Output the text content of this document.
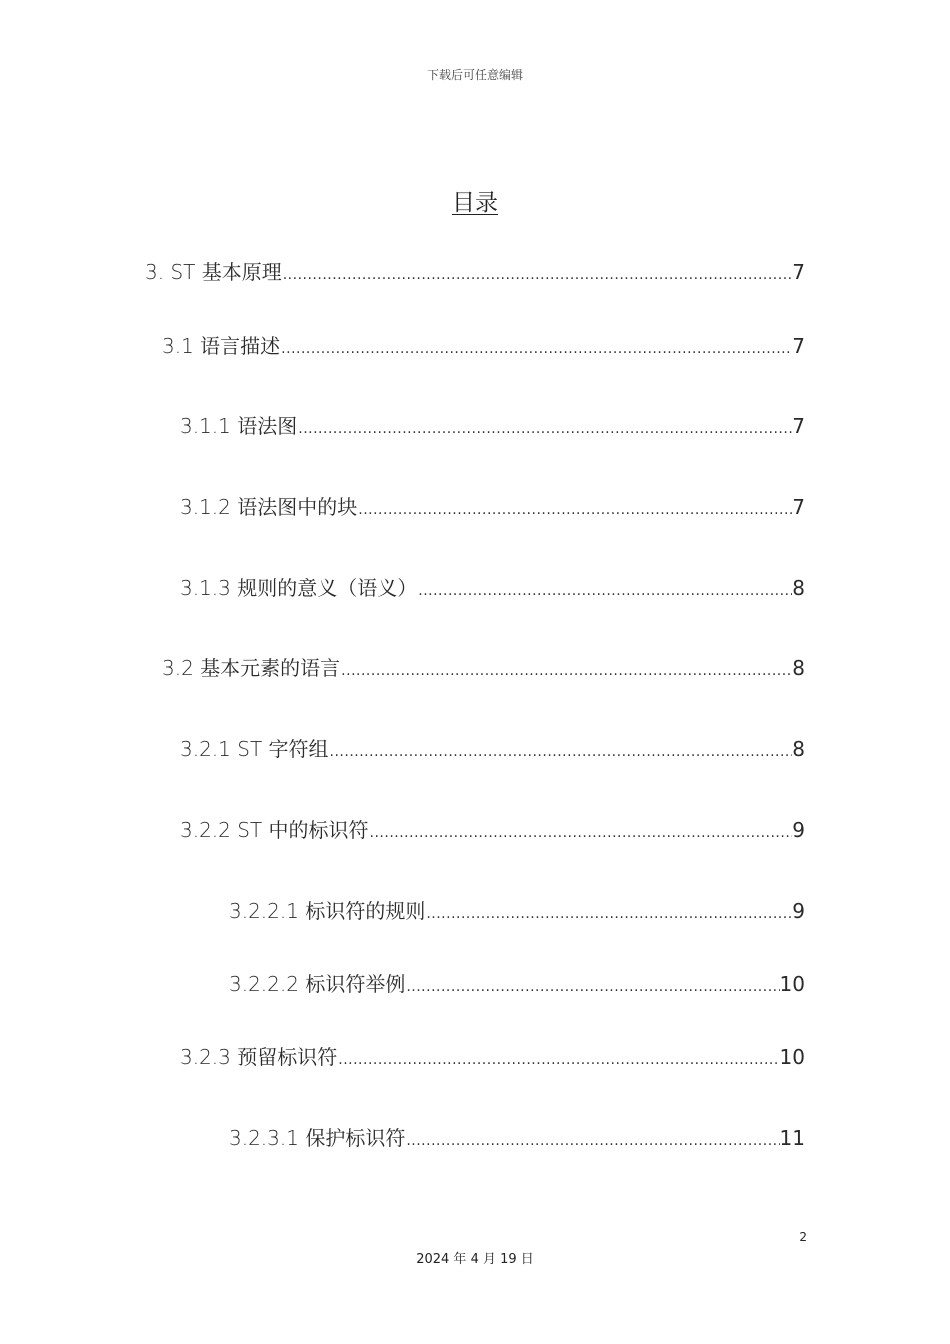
下载后可任意编辑
目录
3. ST 基本原理 .....	7
3.1 语言描述 .....	7
3.1.1 语法图 .....	7
3.1.2 语法图中的块 .....	7
3.1.3 规则的意义（语义） .....	8
3.2 基本元素的语言 .....	8
3.2.1 ST 字符组 .....	8
3.2.2 ST 中的标识符 .....	9
3.2.2.1 标识符的规则 .....	9
3.2.2.2 标识符举例 .....	10
3.2.3 预留标识符 .....	10
3.2.3.1 保护标识符 .....	11
2
2024 年 4 月 19 日
